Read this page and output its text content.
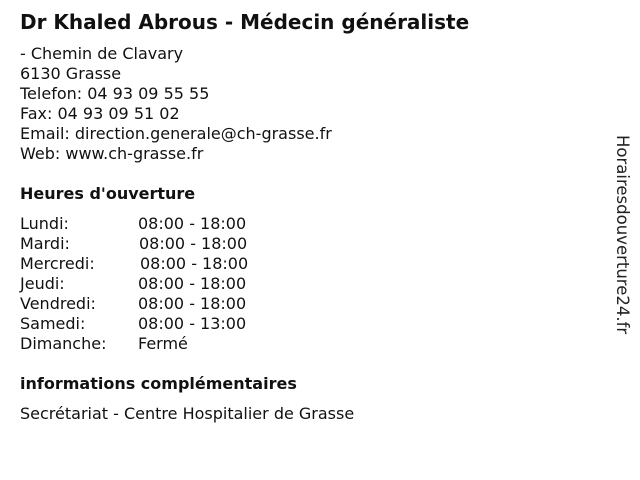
Dr Khaled Abrous - Médecin généraliste
- Chemin de Clavary
6130 Grasse
Telefon: 04 93 09 55 55
Fax: 04 93 09 51 02
Email: direction.generale@ch-grasse.fr
Web: www.ch-grasse.fr
Heures d'ouverture
Lundi:	08:00 - 18:00
Mardi:	08:00 - 18:00
Mercredi:	08:00 - 18:00
Jeudi:	08:00 - 18:00
Vendredi:	08:00 - 18:00
Samedi:	08:00 - 13:00
Dimanche: Fermé
informations complémentaires
Secrétariat - Centre Hospitalier de Grasse
Horairesdouverture24.fr
